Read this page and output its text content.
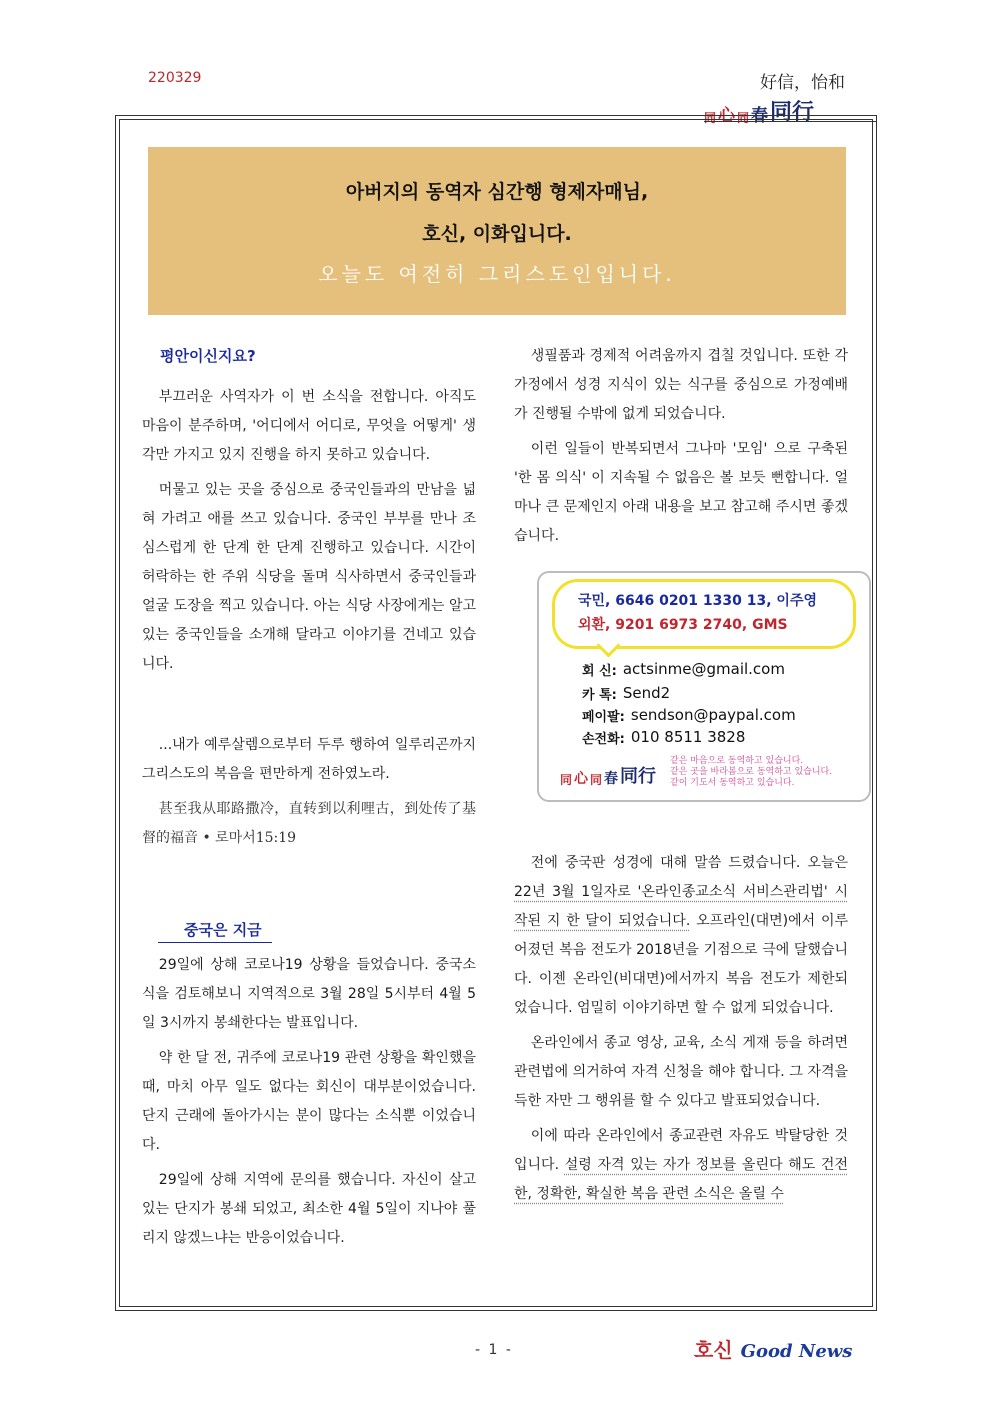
220329	好信，怡和
同 心 同 春 同行
아버지의 동역자 심간행 형제자매님,
호신, 이화입니다.
오늘도 여전히 그리스도인입니다.

평안이신지요?

부끄러운 사역자가 이 번 소식을 전합니다. 아직도 마음이 분주하며, '어디에서 어디로, 무엇을 어떻게' 생각만 가지고 있지 진행을 하지 못하고 있습니다.

머물고 있는 곳을 중심으로 중국인들과의 만남을 넓혀 가려고 애를 쓰고 있습니다. 중국인 부부를 만나 조심스럽게 한 단계 한 단계 진행하고 있습니다. 시간이 허락하는 한 주위 식당을 돌며 식사하면서 중국인들과 얼굴 도장을 찍고 있습니다. 아는 식당 사장에게는 알고 있는 중국인들을 소개해 달라고 이야기를 건네고 있습니다.

...내가 예루살렘으로부터 두루 행하여 일루리곤까지 그리스도의 복음을 편만하게 전하였노라.

甚至我从耶路撒冷，直转到以利哩古，到处传了基督的福音 • 로마서15:19

중국은 지금

29일에 상해 코로나19 상황을 들었습니다. 중국소식을 검토해보니 지역적으로 3월 28일 5시부터 4월 5일 3시까지 봉쇄한다는 발표입니다.

약 한 달 전, 귀주에 코로나19 관련 상황을 확인했을 때, 마치 아무 일도 없다는 회신이 대부분이었습니다. 단지 근래에 돌아가시는 분이 많다는 소식뿐 이었습니다.

29일에 상해 지역에 문의를 했습니다. 자신이 살고 있는 단지가 봉쇄 되었고, 최소한 4월 5일이 지나야 풀리지 않겠느냐는 반응이었습니다.

생필품과 경제적 어려움까지 겹칠 것입니다. 또한 각 가정에서 성경 지식이 있는 식구를 중심으로 가정예배가 진행될 수밖에 없게 되었습니다.

이런 일들이 반복되면서 그나마 '모임' 으로 구축된 '한 몸 의식' 이 지속될 수 없음은 볼 보듯 뻔합니다. 얼마나 큰 문제인지 아래 내용을 보고 참고해 주시면 좋겠습니다.

전에 중국판 성경에 대해 말씀 드렸습니다. 오늘은 22년 3월 1일자로 '온라인종교소식 서비스관리법' 시작된 지 한 달이 되었습니다. 오프라인(대면)에서 이루어졌던 복음 전도가 2018년을 기점으로 극에 달했습니다. 이젠 온라인(비대면)에서까지 복음 전도가 제한되었습니다. 엄밀히 이야기하면 할 수 없게 되었습니다.

온라인에서 종교 영상, 교육, 소식 게재 등을 하려면 관련법에 의거하여 자격 신청을 해야 합니다. 그 자격을 득한 자만 그 행위를 할 수 있다고 발표되었습니다.

이에 따라 온라인에서 종교관련 자유도 박탈당한 것입니다. 설령 자격 있는 자가 정보를 올린다 해도 건전한, 정확한, 확실한 복음 관련 소식은 올릴 수

국민, 6646 0201 1330 13, 이주영
외환, 9201 6973 2740, GMS
회 신: actsinme@gmail.com
카 톡: Send2
페이팔: sendson@paypal.com
손전화: 010 8511 3828
同 心 同 春 同行
같은 마음으로 동역하고 있습니다.
같은 곳을 바라봄으로 동역하고 있습니다.
같이 기도서 동역하고 있습니다.
- 1 -	호신 Good News
